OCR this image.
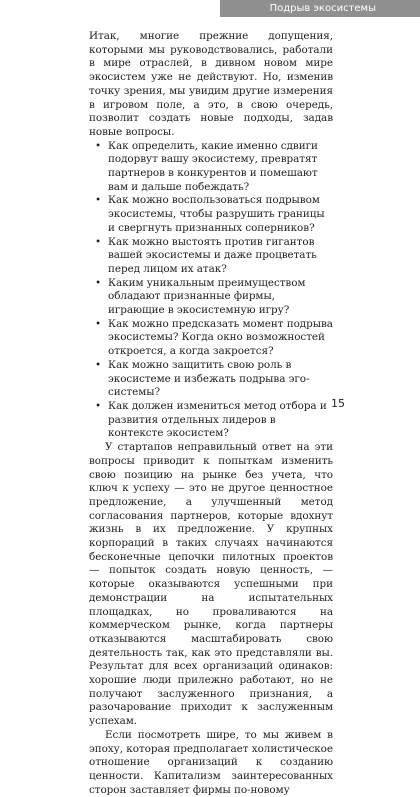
Подрыв экосистемы

Итак, многие прежние допущения, которыми мы руководствовались, работали в мире отраслей, в дивном новом мире экосистем уже не действуют. Но, изменив точку зрения, мы увидим другие измерения в игровом поле, а это, в свою очередь, позволит создать новые подходы, задав новые вопросы.

• Как определить, какие именно сдвиги подорвут вашу экосистему, превратят партнеров в конкурентов и помешают вам и дальше побеждать?
• Как можно воспользоваться подрывом экосистемы, чтобы разрушить границы и свергнуть признанных соперников?
• Как можно выстоять против гигантов вашей экосистемы и даже процветать перед лицом их атак?
• Каким уникальным преимуществом обладают признанные фирмы, играющие в экосистемную игру?
• Как можно предсказать момент подрыва экосистемы? Когда окно возможностей откроется, а когда закроется?
• Как можно защитить свою роль в экосистеме и избежать подрыва эго-системы?
• Как должен измениться метод отбора и развития отдельных лидеров в контексте экосистем?

У стартапов неправильный ответ на эти вопросы приводит к попыткам изменить свою позицию на рынке без учета, что ключ к успеху — это не другое ценностное предложение, а улучшенный метод согласования партнеров, которые вдохнут жизнь в их предложение. У крупных корпораций в таких случаях начинаются бесконечные цепочки пилотных проектов — попыток создать новую ценность, — которые оказываются успешными при демонстрации на испытательных площадках, но проваливаются на коммерческом рынке, когда партнеры отказываются масштабировать свою деятельность так, как это представляли вы. Результат для всех организаций одинаков: хорошие люди прилежно работают, но не получают заслуженного признания, а разочарование приходит к заслуженным успехам.

Если посмотреть шире, то мы живем в эпоху, которая предполагает холистическое отношение организаций к созданию ценности. Капитализм заинтересованных сторон заставляет фирмы по-новому

15
